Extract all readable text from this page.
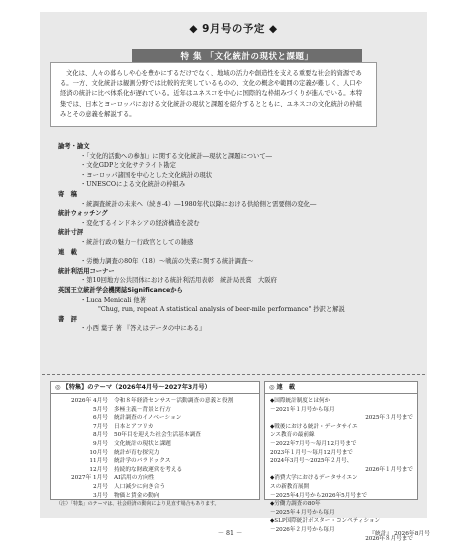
◆ 9月号の予定 ◆
特 集 「文化統計の現状と課題」
文化は、人々の暮らしや心を豊かにするだけでなく、地域の活力や創造性を支える重要な社会的資源である。一方、文化統計は観測分野では比較的充実しているものの、文化の概念や範囲の定義が難しく、人口や経済の統計に比べ体系化が遅れている。近年はユネスコを中心に国際的な枠組みづくりが進んでいる。本特集では、日本とヨーロッパにおける文化統計の現状と課題を紹介するとともに、ユネスコの文化統計の枠組みとその意義を解説する。
論考・論文
・「文化的活動への参加」に関する文化統計―現状と課題について―
・文化GDPと文化サテライト勘定
・ヨーロッパ諸国を中心とした文化統計の現状
・UNESCOによる文化統計の枠組み
寄　稿
・統調査統計の未来へ（続き-4）―1980年代以降における供給側と需要側の変化―
統計ウォッチング
・変化するインドネシアの経済構造を読む
統計寸評
・統計行政の魅力－行政官としての雑感
連　載
・労働力調査の80年（18）～戦前の失業に関する統計調査～
統計利活用コーナー
・第10回地方公共団体における統計利活用表彰　統計局長賞　大阪府
英国王立統計学会機関誌Significanceから
・Luca Menicali 他著
"Chug, run, repeat A statistical analysis of beer-mile performance" 抄訳と解説
書　評
・小西 葉子 著 『答えはデータの中にある』
◎ 【特集】のテーマ（2026年4月号～2027年3月号）
2026年 4月号	令和８年経済センサス－活動調査の意義と役割
5月号	多極主義－背景と行方
6月号	統計調査のイノベーション
7月号	日本とアフリカ
8月号	50年目を迎えた社会生活基本調査
9月号	文化統計の現状と課題
10月号	統計が育む探究力
11月号	統計学のパラドックス
12月号	持続的な財政運営を考える
2027年 1月号	AI活用の方向性
2月号	人口減少に向き合う
3月号	物価と賃金の動向
（注）「特集」のテーマは、社会経済の動向により見直す場合もあります。
◎ 連　載
◆国際統計制度とは何か
－2021年１月号から毎月
2025年３月号まで
◆戦後における統計・データサイエ
ンス教育の最前線
－2022年7月号～毎月12月号まで
2023年１月号～毎月12月号まで
2024年3月号～2025年２月号、
2026年１月号まで
◆消費大学におけるデータサイエン
スの新教育展開
－2025年4月号から2026年5月号まで
◆労働力調査の80年
－2025年４月号から毎月
◆SLP国際統計ポスター・コンペティション
－2026年２月号から毎月
2026年８月号まで
－ 81 －	『統計』 2026年8月号
